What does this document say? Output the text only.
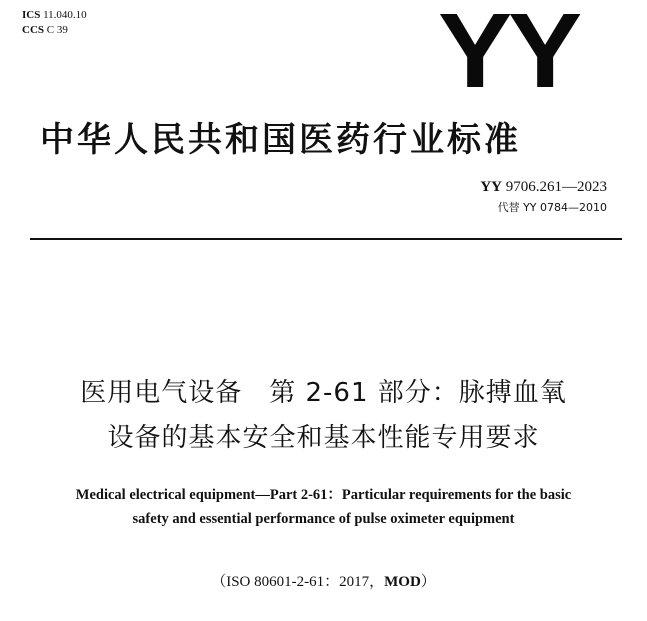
ICS 11.040.10
CCS C 39	YY
中华人民共和国医药行业标准
YY 9706.261—2023
代替 YY 0784—2010
医用电气设备　第 2-61 部分：脉搏血氧
设备的基本安全和基本性能专用要求
Medical electrical equipment—Part 2-61：Particular requirements for the basic
safety and essential performance of pulse oximeter equipment
（ISO 80601-2-61：2017，MOD）
